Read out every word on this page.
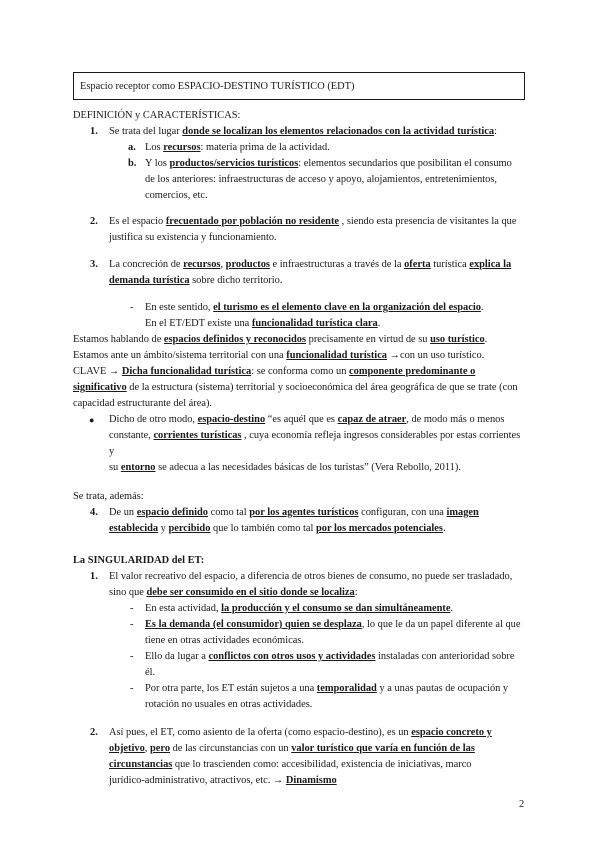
Espacio receptor como ESPACIO-DESTINO TURÍSTICO (EDT)
DEFINICIÓN y CARACTERÍSTICAS:
1. Se trata del lugar donde se localizan los elementos relacionados con la actividad turística:
a. Los recursos: materia prima de la actividad.
b. Y los productos/servicios turísticos: elementos secundarios que posibilitan el consumo
de los anteriores: infraestructuras de acceso y apoyo, alojamientos, entretenimientos,
comercios, etc.
2. Es el espacio frecuentado por población no residente , siendo esta presencia de visitantes la que
justifica su existencia y funcionamiento.
3. La concreción de recursos, productos e infraestructuras a través de la oferta turística explica la
demanda turística sobre dicho territorio.
- En este sentido, el turismo es el elemento clave en la organización del espacio.
En el ET/EDT existe una funcionalidad turística clara.
Estamos hablando de espacios definidos y reconocidos precisamente en virtud de su uso turístico.
Estamos ante un ámbito/sistema territorial con una funcionalidad turística →con un uso turístico.
CLAVE → Dicha funcionalidad turística: se conforma como un componente predominante o
significativo de la estructura (sistema) territorial y socioeconómica del área geográfica de que se trate (con
capacidad estructurante del área).
● Dicho de otro modo, espacio-destino “es aquél que es capaz de atraer, de modo más o menos
constante, corrientes turísticas , cuya economía refleja ingresos considerables por estas corrientes y
su entorno se adecua a las necesidades básicas de los turistas” (Vera Rebollo, 2011).
Se trata, además:
4. De un espacio definido como tal por los agentes turísticos configuran, con una imagen
establecida y percibido que lo también como tal por los mercados potenciales.
La SINGULARIDAD del ET:
1. El valor recreativo del espacio, a diferencia de otros bienes de consumo, no puede ser trasladado,
sino que debe ser consumido en el sitio donde se localiza:
- En esta actividad, la producción y el consumo se dan simultáneamente.
- Es la demanda (el consumidor) quien se desplaza, lo que le da un papel diferente al que
tiene en otras actividades económicas.
- Ello da lugar a conflictos con otros usos y actividades instaladas con anterioridad sobre él.
- Por otra parte, los ET están sujetos a una temporalidad y a unas pautas de ocupación y
rotación no usuales en otras actividades.
2. Así pues, el ET, como asiento de la oferta (como espacio-destino), es un espacio concreto y
objetivo, pero de las circunstancias con un valor turístico que varía en función de las
circunstancias que lo trascienden como: accesibilidad, existencia de iniciativas, marco
jurídico-administrativo, atractivos, etc. → Dinamismo
2
